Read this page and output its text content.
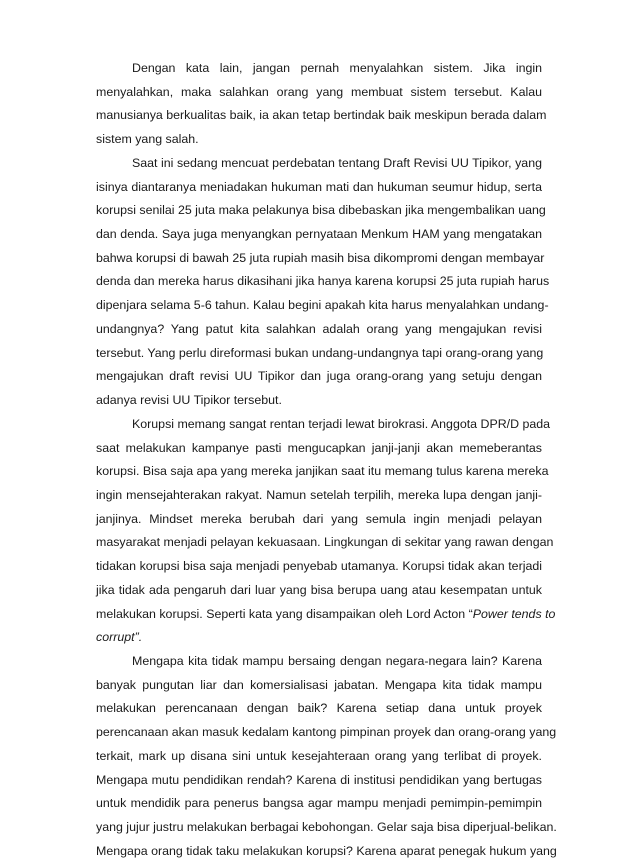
Dengan kata lain, jangan pernah menyalahkan sistem. Jika ingin
menyalahkan, maka salahkan orang yang membuat sistem tersebut. Kalau
manusianya berkualitas baik, ia akan tetap bertindak baik meskipun berada dalam
sistem yang salah.
Saat ini sedang mencuat perdebatan tentang Draft Revisi UU Tipikor, yang
isinya diantaranya meniadakan hukuman mati dan hukuman seumur hidup, serta
korupsi senilai 25 juta maka pelakunya bisa dibebaskan jika mengembalikan uang
dan denda. Saya juga menyangkan pernyataan Menkum HAM yang mengatakan
bahwa korupsi di bawah 25 juta rupiah masih bisa dikompromi dengan membayar
denda dan mereka harus dikasihani jika hanya karena korupsi 25 juta rupiah harus
dipenjara selama 5-6 tahun. Kalau begini apakah kita harus menyalahkan undang-
undangnya? Yang patut kita salahkan adalah orang yang mengajukan revisi
tersebut. Yang perlu direformasi bukan undang-undangnya tapi orang-orang yang
mengajukan draft revisi UU Tipikor dan juga orang-orang yang setuju dengan
adanya revisi UU Tipikor tersebut.
Korupsi memang sangat rentan terjadi lewat birokrasi. Anggota DPR/D pada
saat melakukan kampanye pasti mengucapkan janji-janji akan memeberantas
korupsi. Bisa saja apa yang mereka janjikan saat itu memang tulus karena mereka
ingin mensejahterakan rakyat. Namun setelah terpilih, mereka lupa dengan janji-
janjinya. Mindset mereka berubah dari yang semula ingin menjadi pelayan
masyarakat menjadi pelayan kekuasaan. Lingkungan di sekitar yang rawan dengan
tidakan korupsi bisa saja menjadi penyebab utamanya. Korupsi tidak akan terjadi
jika tidak ada pengaruh dari luar yang bisa berupa uang atau kesempatan untuk
melakukan korupsi. Seperti kata yang disampaikan oleh Lord Acton “Power tends to
corrupt”.
Mengapa kita tidak mampu bersaing dengan negara-negara lain? Karena
banyak pungutan liar dan komersialisasi jabatan. Mengapa kita tidak mampu
melakukan perencanaan dengan baik? Karena setiap dana untuk proyek
perencanaan akan masuk kedalam kantong pimpinan proyek dan orang-orang yang
terkait, mark up disana sini untuk kesejahteraan orang yang terlibat di proyek.
Mengapa mutu pendidikan rendah? Karena di institusi pendidikan yang bertugas
untuk mendidik para penerus bangsa agar mampu menjadi pemimpin-pemimpin
yang jujur justru melakukan berbagai kebohongan. Gelar saja bisa diperjual-belikan.
Mengapa orang tidak taku melakukan korupsi? Karena aparat penegak hukum yang
